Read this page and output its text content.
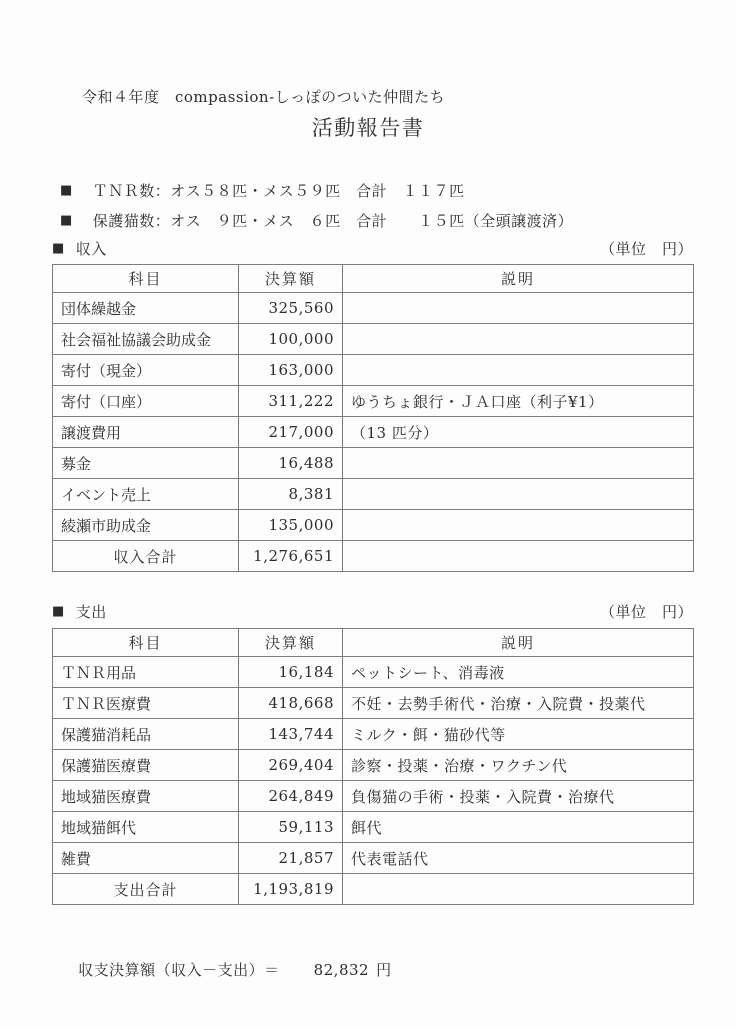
令和４年度　compassion-しっぽのついた仲間たち
活動報告書
■ ＴＮＲ数：オス５８匹・メス５９匹　合計　１１７匹
■ 保護猫数：オス　９匹・メス　６匹　合計　　１５匹（全頭譲渡済）
■ 収入	（単位　円）
科目	決算額	説明
団体繰越金	325,560	
社会福祉協議会助成金	100,000	
寄付（現金）	163,000	
寄付（口座）	311,222	ゆうちょ銀行・ＪＡ口座（利子¥1）
譲渡費用	217,000	（13 匹分）
募金	16,488	
イベント売上	8,381	
綾瀬市助成金	135,000	
収入合計	1,276,651	
■ 支出	（単位　円）
科目	決算額	説明
ＴＮＲ用品	16,184	ペットシート、消毒液
ＴＮＲ医療費	418,668	不妊・去勢手術代・治療・入院費・投薬代
保護猫消耗品	143,744	ミルク・餌・猫砂代等
保護猫医療費	269,404	診察・投薬・治療・ワクチン代
地域猫医療費	264,849	負傷猫の手術・投薬・入院費・治療代
地域猫餌代	59,113	餌代
雑費	21,857	代表電話代
支出合計	1,193,819	

収支決算額（収入－支出）＝ 82,832 円
